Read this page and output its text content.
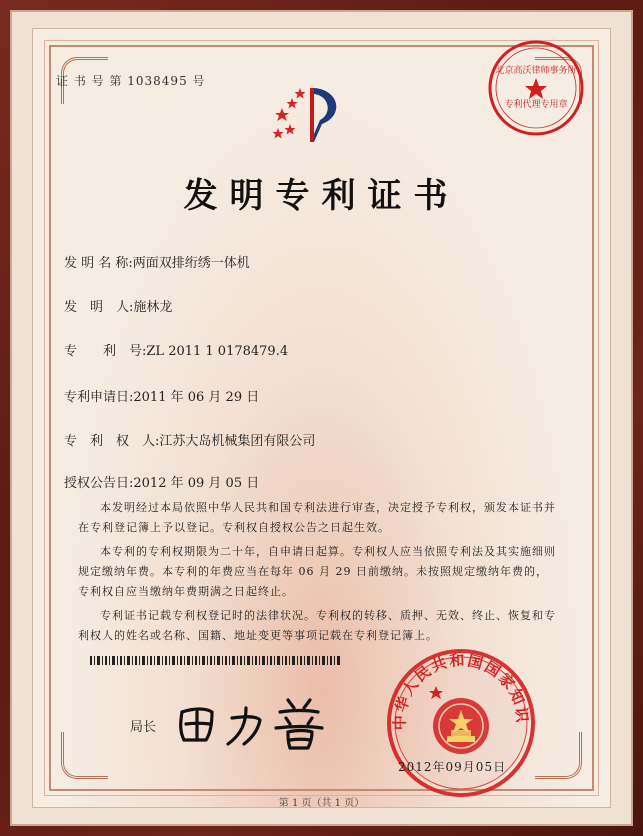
证 书 号 第 1038495 号
北京高沃律师事务所
专利代理专用章
发明专利证书
发 明 名 称:两面双排绗绣一体机
发　明　人:施林龙
专　　利　号:ZL 2011 1 0178479.4
专利申请日:2011 年 06 月 29 日
专　利　权　人:江苏大岛机械集团有限公司
授权公告日:2012 年 09 月 05 日

本发明经过本局依照中华人民共和国专利法进行审查，决定授予专利权，颁发本证书并在专利登记簿上予以登记。专利权自授权公告之日起生效。

本专利的专利权期限为二十年，自申请日起算。专利权人应当依照专利法及其实施细则规定缴纳年费。本专利的年费应当在每年 06 月 29 日前缴纳。未按照规定缴纳年费的，专利权自应当缴纳年费期满之日起终止。

专利证书记载专利权登记时的法律状况。专利权的转移、质押、无效、终止、恢复和专利权人的姓名或名称、国籍、地址变更等事项记载在专利登记簿上。

局长	中华人民共和国国家知识
2012年09月05日
第 1 页（共 1 页）
